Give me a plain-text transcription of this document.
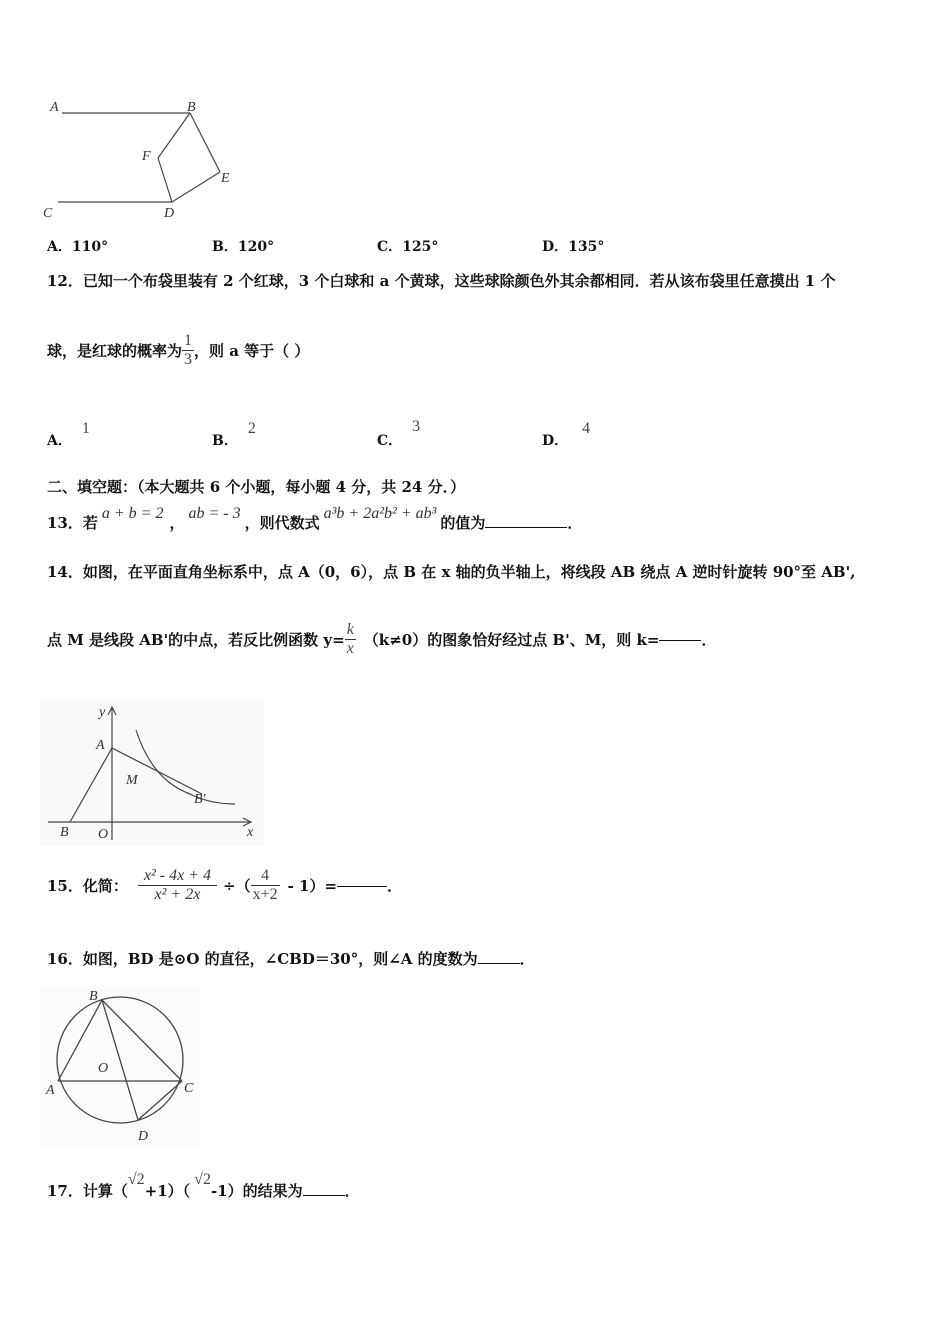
A	B
F
E
C	D
A．110°	B．120°	C．125°	D．135°
12．已知一个布袋里装有 2 个红球，3 个白球和 a 个黄球，这些球除颜色外其余都相同．若从该布袋里任意摸出 1 个
球，是红球的概率为 $\frac{1}{3}$ ，则 a 等于（ ）
A．1
B．2
C．3
D．4
二、填空题：（本大题共 6 个小题，每小题 4 分，共 24 分．）
13．若a + b = 2，ab = - 3，则代数式a³b + 2a²b² + ab³的值为	．
14．如图，在平面直角坐标系中，点 A（0，6），点 B 在 x 轴的负半轴上，将线段 AB 绕点 A 逆时针旋转 90°至 AB',
点 M 是线段 AB'的中点，若反比例函数 $y= \frac{k}{x} (k\ne 0)$的图象恰好经过点 B'、M，则 k=	．
y
x
A
M
B'
B O
15．化简： $\frac{\text{x² - 4x + 4}}{\text{x² + 2x}}$ ÷（ $\frac{4}{x+2} - 1)=$	．
16．如图，BD 是⊙O 的直径，∠CBD＝30°，则∠A 的度数为	．
B
O
A	C
D
17．计算（√2+1）（√2-1）的结果为	．
